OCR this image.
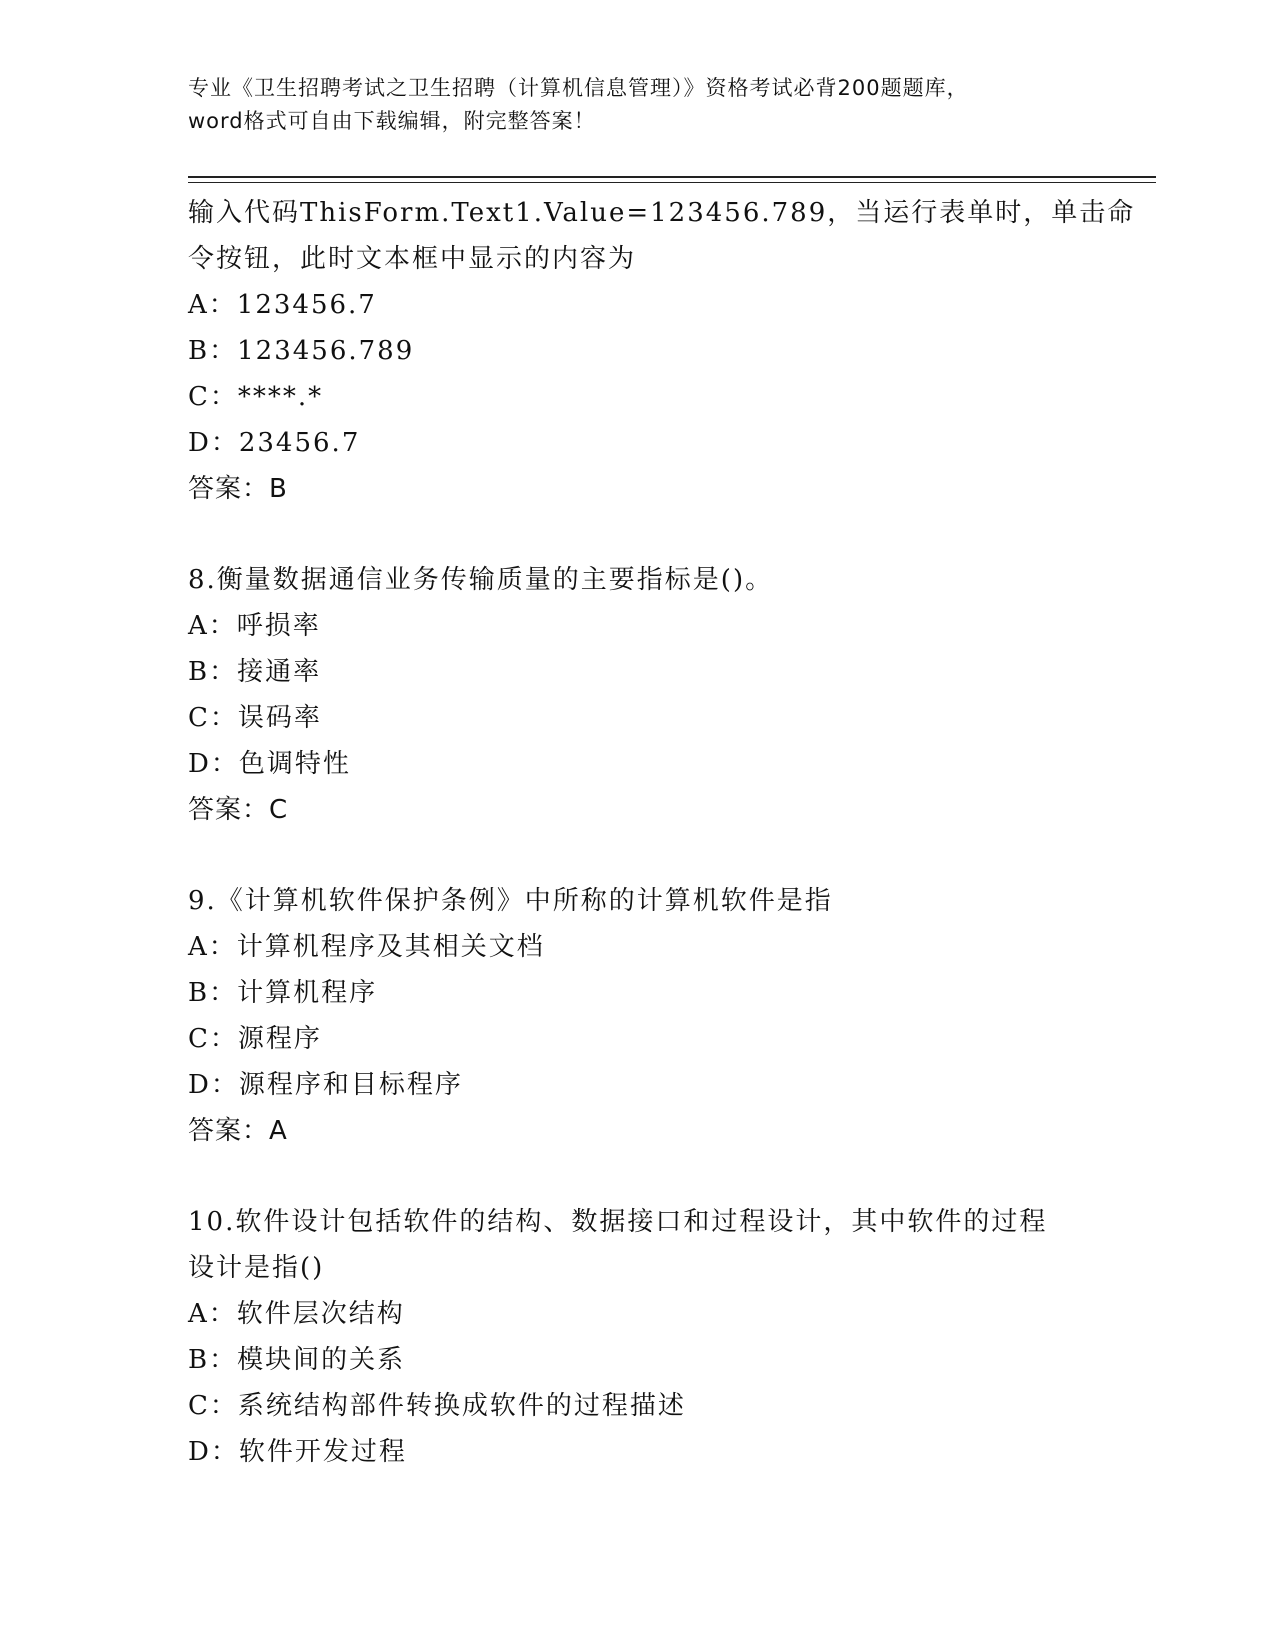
专业《卫生招聘考试之卫生招聘（计算机信息管理）》资格考试必背200题题库，
word格式可自由下载编辑，附完整答案！
输入代码ThisForm.Text1.Value=123456.789，当运行表单时，单击命
令按钮，此时文本框中显示的内容为
A：123456.7
B：123456.789
C：****.*
D：23456.7
答案：B
8.衡量数据通信业务传输质量的主要指标是()。
A：呼损率
B：接通率
C：误码率
D：色调特性
答案：C
9.《计算机软件保护条例》中所称的计算机软件是指
A：计算机程序及其相关文档
B：计算机程序
C：源程序
D：源程序和目标程序
答案：A
10.软件设计包括软件的结构、数据接口和过程设计，其中软件的过程
设计是指()
A：软件层次结构
B：模块间的关系
C：系统结构部件转换成软件的过程描述
D：软件开发过程
